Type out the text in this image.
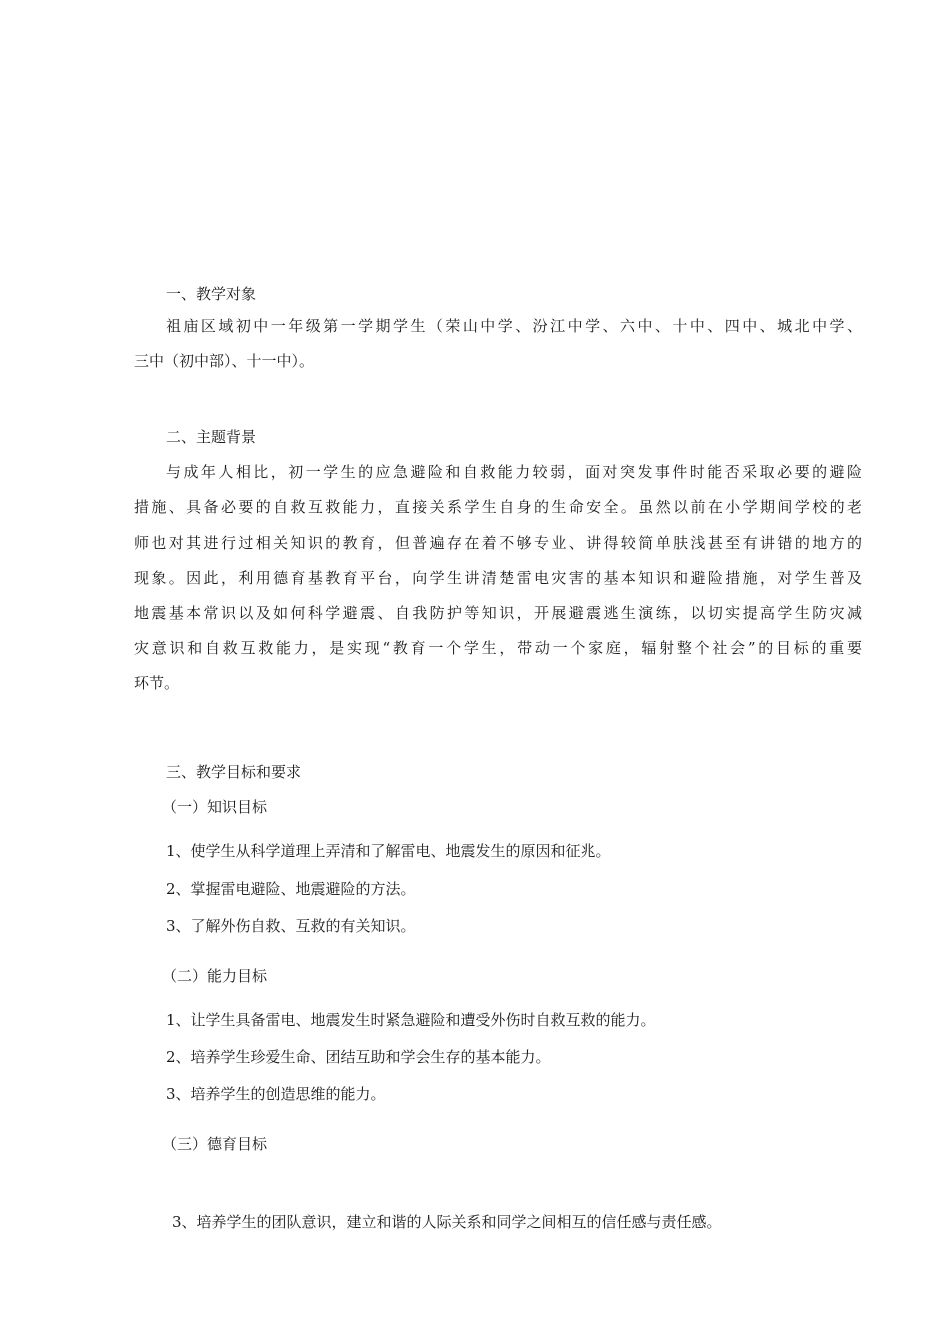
一、教学对象
祖庙区域初中一年级第一学期学生（荣山中学、汾江中学、六中、十中、四中、城北中学、
三中（初中部）、十一中）。
二、主题背景
与成年人相比，初一学生的应急避险和自救能力较弱，面对突发事件时能否采取必要的避险
措施、具备必要的自救互救能力，直接关系学生自身的生命安全。虽然以前在小学期间学校的老
师也对其进行过相关知识的教育，但普遍存在着不够专业、讲得较简单肤浅甚至有讲错的地方的
现象。因此，利用德育基教育平台，向学生讲清楚雷电灾害的基本知识和避险措施，对学生普及
地震基本常识以及如何科学避震、自我防护等知识，开展避震逃生演练，以切实提高学生防灾减
灾意识和自救互救能力，是实现“教育一个学生，带动一个家庭，辐射整个社会”的目标的重要
环节。
三、教学目标和要求
（一）知识目标
1、使学生从科学道理上弄清和了解雷电、地震发生的原因和征兆。
2、掌握雷电避险、地震避险的方法。
3、了解外伤自救、互救的有关知识。
（二）能力目标
1、让学生具备雷电、地震发生时紧急避险和遭受外伤时自救互救的能力。
2、培养学生珍爱生命、团结互助和学会生存的基本能力。
3、培养学生的创造思维的能力。
（三）德育目标
3、培养学生的团队意识，建立和谐的人际关系和同学之间相互的信任感与责任感。
